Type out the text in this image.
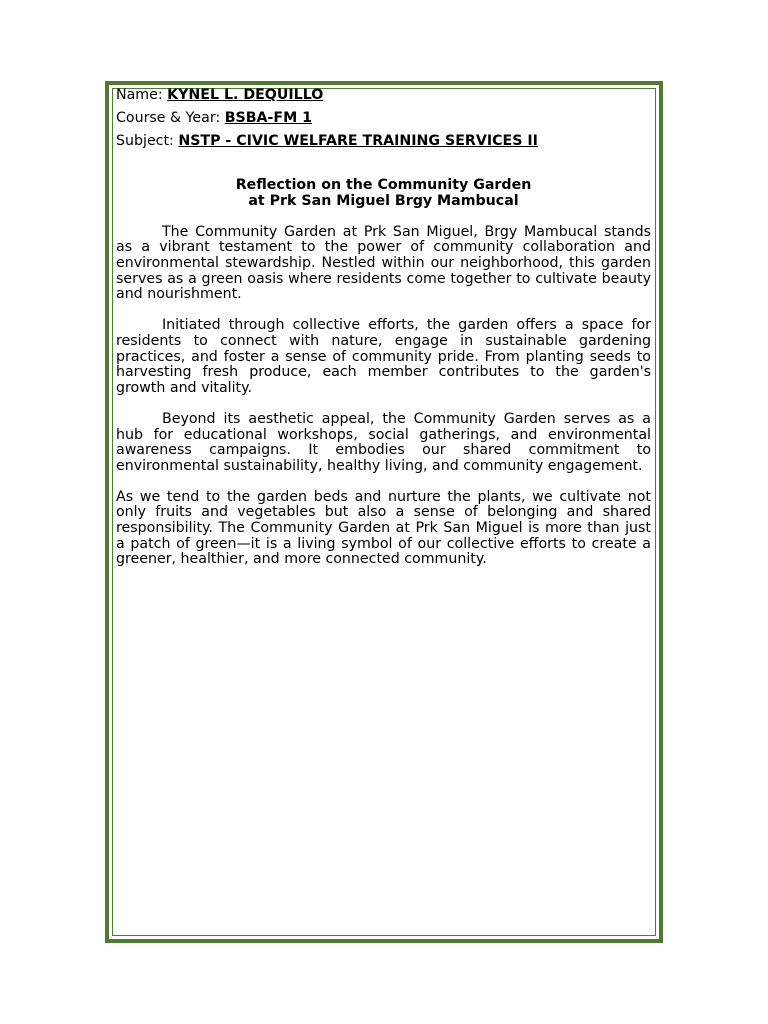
Name: KYNEL L. DEQUILLO
Course & Year: BSBA-FM 1
Subject: NSTP - CIVIC WELFARE TRAINING SERVICES II
Reflection on the Community Garden
at Prk San Miguel Brgy Mambucal

The Community Garden at Prk San Miguel, Brgy Mambucal stands as a vibrant testament to the power of community collaboration and environmental stewardship. Nestled within our neighborhood, this garden serves as a green oasis where residents come together to cultivate beauty and nourishment.

Initiated through collective efforts, the garden offers a space for residents to connect with nature, engage in sustainable gardening practices, and foster a sense of community pride. From planting seeds to harvesting fresh produce, each member contributes to the garden's growth and vitality.

Beyond its aesthetic appeal, the Community Garden serves as a hub for educational workshops, social gatherings, and environmental awareness campaigns. It embodies our shared commitment to environmental sustainability, healthy living, and community engagement.

As we tend to the garden beds and nurture the plants, we cultivate not only fruits and vegetables but also a sense of belonging and shared responsibility. The Community Garden at Prk San Miguel is more than just a patch of green—it is a living symbol of our collective efforts to create a greener, healthier, and more connected community.
